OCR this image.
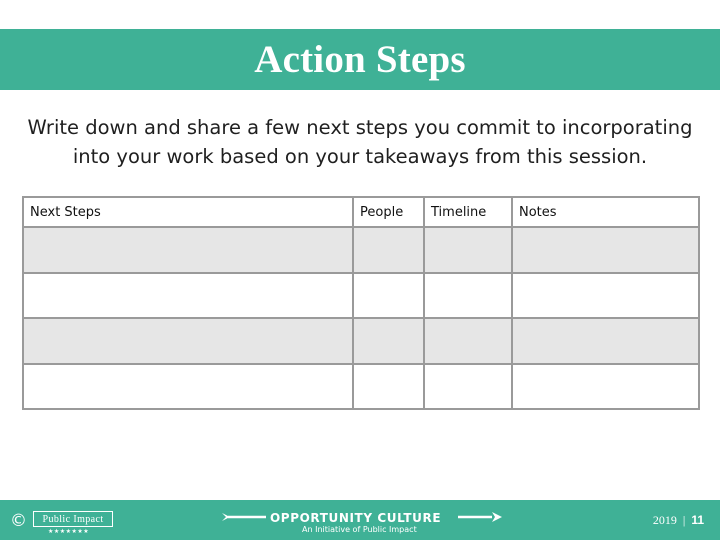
Action Steps

Write down and share a few next steps you commit to incorporating into your work based on your takeaways from this session.

Next Steps	People	Timeline	Notes

©	Public Impact
★★★★★★★
OPPORTUNITY CULTURE
An Initiative of Public Impact
2019 | 11
